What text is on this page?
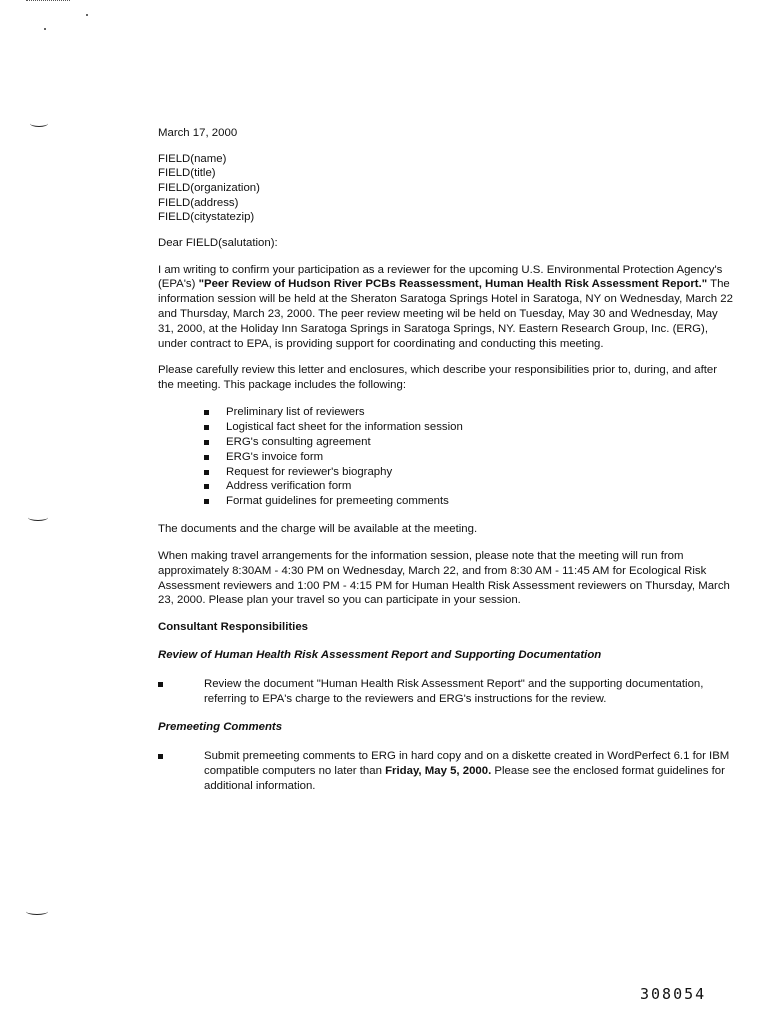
March 17, 2000

FIELD(name)
FIELD(title)
FIELD(organization)
FIELD(address)
FIELD(citystatezip)

Dear FIELD(salutation):

I am writing to confirm your participation as a reviewer for the upcoming U.S. Environmental Protection Agency's (EPA's) "Peer Review of Hudson River PCBs Reassessment, Human Health Risk Assessment Report." The information session will be held at the Sheraton Saratoga Springs Hotel in Saratoga, NY on Wednesday, March 22 and Thursday, March 23, 2000. The peer review meeting wil be held on Tuesday, May 30 and Wednesday, May 31, 2000, at the Holiday Inn Saratoga Springs in Saratoga Springs, NY. Eastern Research Group, Inc. (ERG), under contract to EPA, is providing support for coordinating and conducting this meeting.

Please carefully review this letter and enclosures, which describe your responsibilities prior to, during, and after the meeting. This package includes the following:

Preliminary list of reviewers
Logistical fact sheet for the information session
ERG's consulting agreement
ERG's invoice form
Request for reviewer's biography
Address verification form
Format guidelines for premeeting comments

The documents and the charge will be available at the meeting.

When making travel arrangements for the information session, please note that the meeting will run from approximately 8:30AM - 4:30 PM on Wednesday, March 22, and from 8:30 AM - 11:45 AM for Ecological Risk Assessment reviewers and 1:00 PM - 4:15 PM for Human Health Risk Assessment reviewers on Thursday, March 23, 2000. Please plan your travel so you can participate in your session.

Consultant Responsibilities

Review of Human Health Risk Assessment Report and Supporting Documentation

Review the document "Human Health Risk Assessment Report" and the supporting documentation, referring to EPA's charge to the reviewers and ERG's instructions for the review.

Premeeting Comments

Submit premeeting comments to ERG in hard copy and on a diskette created in WordPerfect 6.1 for IBM compatible computers no later than Friday, May 5, 2000. Please see the enclosed format guidelines for additional information.
308054
